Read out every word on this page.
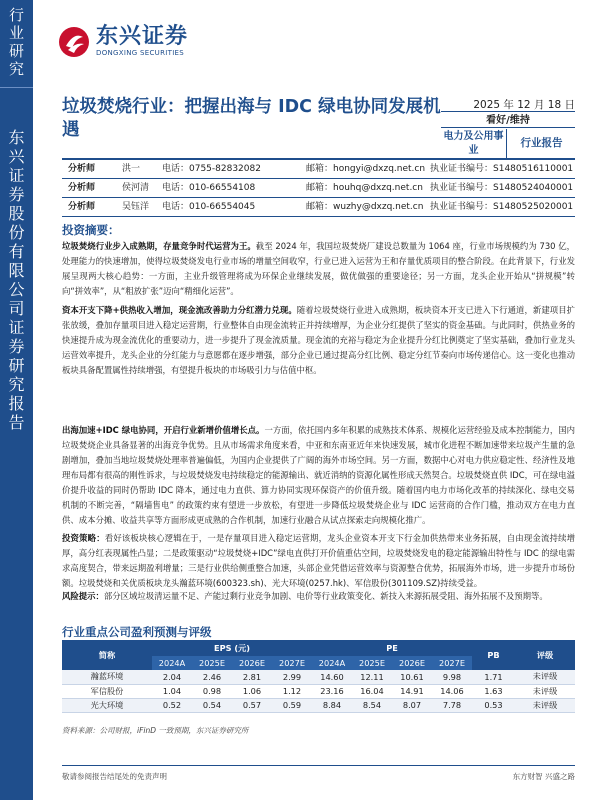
行
业
研
究
东
兴
证
券
股
份
有
限
公
司
证
券
研
究
报
告
东兴证券
DONGXING SECURITIES
垃圾焚烧行业：把握出海与 IDC 绿电协同发展机遇
2025 年 12 月 18 日
看好/维持
电力及公用事业
行业报告
分析师	洪一 电话：0755-82832082	邮箱：hongyi@dxzq.net.cn 执业证书编号：S1480516110001
分析师	侯河清 电话：010-66554108	邮箱：houhq@dxzq.net.cn 执业证书编号：S1480524040001
分析师	吴钰洋 电话：010-66554045	邮箱：wuzhy@dxzq.net.cn 执业证书编号：S1480525020001
投资摘要：
垃圾焚烧行业步入成熟期，存量竞争时代运营为王。截至 2024 年，我国垃圾焚烧厂建设总数量为 1064 座，行业市场规模约为 730 亿，处理能力的快速增加，使得垃圾焚烧发电行业市场的增量空间收窄，行业已进入运营为王和存量优质项目的整合阶段。在此背景下，行业发展呈现两大核心趋势：一方面，主业升级管理将成为环保企业继续发展，做优做强的重要途径；另一方面，龙头企业开始从“拼规模”转向“拼效率”，从“粗放扩张”迈向“精细化运营”。
资本开支下降+供热收入增加，现金流改善助力分红潜力兑现。随着垃圾焚烧行业进入成熟期，板块资本开支已进入下行通道，新建项目扩张放缓，叠加存量项目进入稳定运营期，行业整体自由现金流转正并持续增厚，为企业分红提供了坚实的资金基础。与此同时，供热业务的快速提升成为现金流优化的重要动力，进一步提升了现金流质量。现金流的充裕与稳定为企业提升分红比例奠定了坚实基础，叠加行业龙头运营效率提升，龙头企业的分红能力与意愿都在逐步增强，部分企业已通过提高分红比例、稳定分红节奏向市场传递信心。这一变化也推动板块具备配置属性持续增强，有望提升板块的市场吸引力与估值中枢。
出海加速+IDC 绿电协同，开启行业新增价值增长点。一方面，依托国内多年积累的成熟技术体系、规模化运营经验及成本控制能力，国内垃圾焚烧企业具备显著的出海竞争优势。且从市场需求角度来看，中亚和东南亚近年来快速发展，城市化进程不断加速带来垃圾产生量的急剧增加，叠加当地垃圾焚烧处理率普遍偏低，为国内企业提供了广阔的海外市场空间。另一方面，数据中心对电力供应稳定性、经济性及地理布局都有很高的刚性诉求，与垃圾焚烧发电持续稳定的能源输出、就近消纳的资源化属性形成天然契合。垃圾焚烧直供 IDC，可在绿电溢价提升收益的同时仍帮助 IDC 降本，通过电力直供、算力协同实现环保资产的价值升级。随着国内电力市场化改革的持续深化、绿电交易机制的不断完善，“隔墙售电” 的政策约束有望进一步放松，有望进一步降低垃圾焚烧企业与 IDC 运营商的合作门槛，推动双方在电力直供、成本分摊、收益共享等方面形成更成熟的合作机制，加速行业融合从试点探索走向规模化推广。
投资策略：看好该板块核心逻辑在于，一是存量项目进入稳定运营期，龙头企业资本开支下行金加供热带来业务拓展，自由现金流持续增厚，高分红表现属性凸显；二是政策驱动“垃圾焚烧+IDC”绿电直供打开价值重估空间，垃圾焚烧发电的稳定能源输出特性与 IDC 的绿电需求高度契合，带来远期盈利增量；三是行业供给侧重整合加速，头部企业凭借运营效率与资源整合优势，拓展海外市场，进一步提升市场份额。垃圾焚烧和关优质板块龙头瀚蓝环境(600323.sh)、光大环境(0257.hk)、军信股份(301109.SZ)持续受益。
风险提示：部分区域垃圾清运量不足、产能过剩行业竞争加剧、电价等行业政策变化、新技入来源拓展受阻、海外拓展不及预期等。
行业重点公司盈利预测与评级
简称	EPS (元)				PE				PB	评级
	2024A	2025E	2026E	2027E	2024A	2025E	2026E	2027E		
瀚蓝环境	2.04	2.46	2.81	2.99	14.60	12.11	10.61	9.98	1.71	未评级
军信股份	1.04	0.98	1.06	1.12	23.16	16.04	14.91	14.06	1.63	未评级
光大环境	0.52	0.54	0.57	0.59	8.84	8.54	8.07	7.78	0.53	未评级
资料来源：公司财报，iFinD 一致预期，东兴证券研究所
敬请参阅报告结尾处的免责声明	东方财智 兴盛之路
